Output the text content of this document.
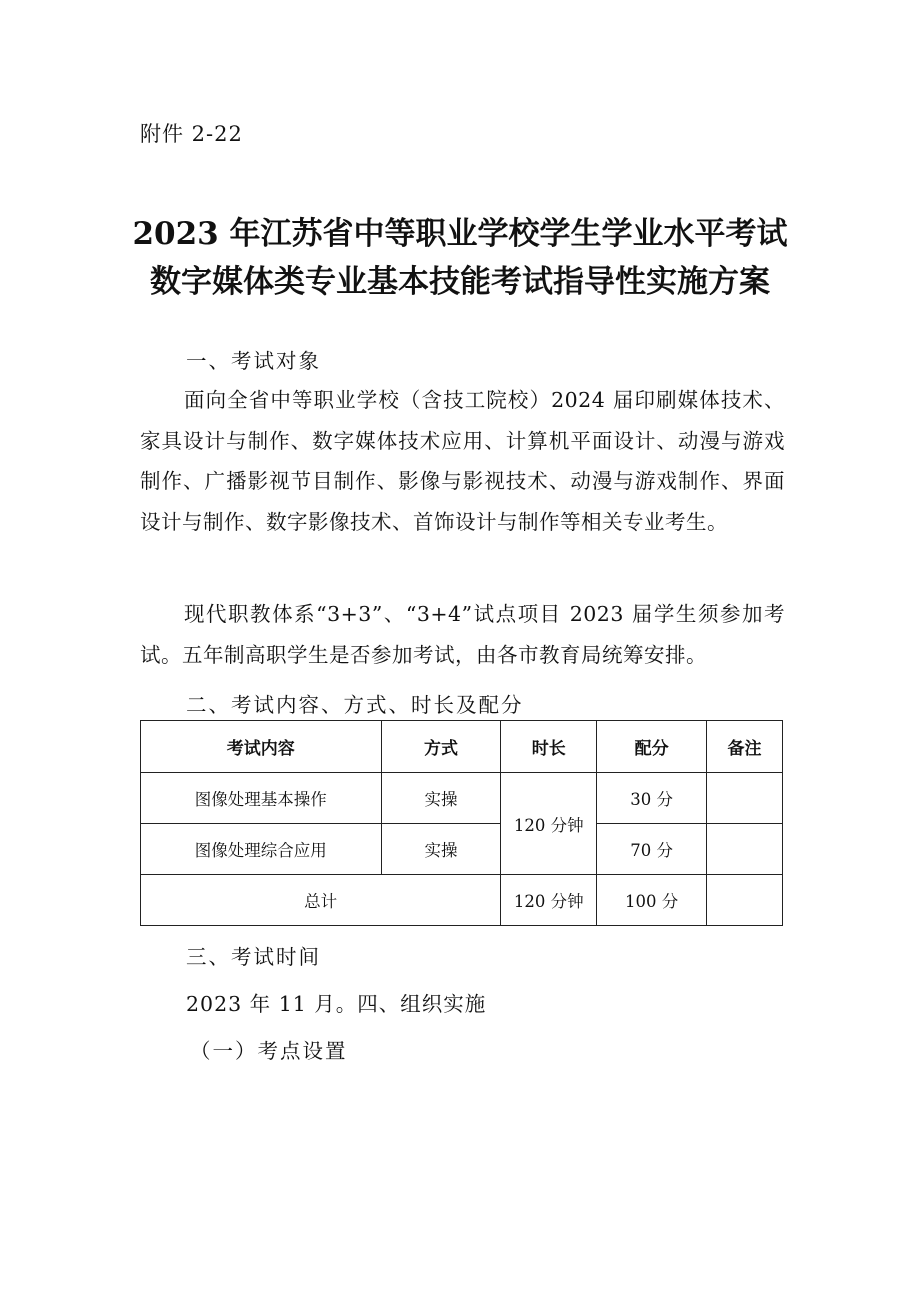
附件 2-22
2023 年江苏省中等职业学校学生学业水平考试
数字媒体类专业基本技能考试指导性实施方案
一、考试对象
面向全省中等职业学校（含技工院校）2024 届印刷媒体技术、家具设计与制作、数字媒体技术应用、计算机平面设计、动漫与游戏制作、广播影视节目制作、影像与影视技术、动漫与游戏制作、界面设计与制作、数字影像技术、首饰设计与制作等相关专业考生。
现代职教体系“3+3”、“3+4”试点项目 2023 届学生须参加考试。五年制高职学生是否参加考试，由各市教育局统筹安排。
二、考试内容、方式、时长及配分
考试内容	方式	时长	配分	备注
图像处理基本操作	实操	120 分钟	30 分	
图像处理综合应用	实操		70 分	
总计		120 分钟	100 分	
三、考试时间
2023 年 11 月。四、组织实施
（一）考点设置
